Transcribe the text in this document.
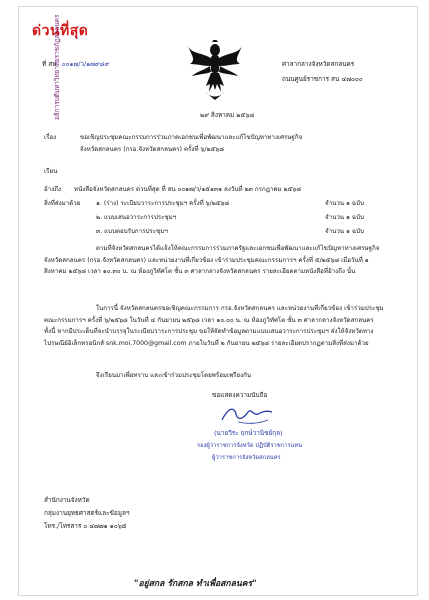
ด่วนที่สุด
อธิการบดีมหาวิทยาลัยราชภัฏสกลนคร
ที่ สน ๐๐๑๗/ว/๑๗๙๘๙	ศาลากลางจังหวัดสกลนคร
ถนนศูนย์ราชการ สน ๔๗๐๐๐
๒๙ สิงหาคม ๒๕๖๘
เรื่อง	ขอเชิญประชุมคณะกรรมการร่วมภาคเอกชนเพื่อพัฒนาและแก้ไขปัญหาทางเศรษฐกิจ
จังหวัดสกลนคร (กรอ.จังหวัดสกลนคร) ครั้งที่ ๖/๒๕๖๘
เรียน
อ้างถึง หนังสือจังหวัดสกลนคร ด่วนที่สุด ที่ สน ๐๐๑๗/ว/๑๕๑๓๑ ลงวันที่ ๒๓ กรกฎาคม ๒๕๖๘
สิ่งที่ส่งมาด้วย	๑. (ร่าง) ระเบียบวาระการประชุมฯ ครั้งที่ ๖/๒๕๖๘	จำนวน ๑ ฉบับ
๒. แบบเสนอวาระการประชุมฯ	จำนวน ๑ ฉบับ
๓. แบบตอบรับการประชุมฯ	จำนวน ๑ ฉบับ
ตามที่จังหวัดสกลนครได้แจ้งให้คณะกรรมการร่วมภาครัฐและเอกชนเพื่อพัฒนาและแก้ไขปัญหาทางเศรษฐกิจจังหวัดสกลนคร (กรอ.จังหวัดสกลนคร) และหน่วยงานที่เกี่ยวข้อง เข้าร่วมประชุมคณะกรรมการฯ ครั้งที่ ๕/๒๕๖๘ เมื่อวันที่ ๑ สิงหาคม ๒๕๖๘ เวลา ๑๐.๓๐ น. ณ ห้องภูวิทัศโต ชั้น ๓ ศาลากลางจังหวัดสกลนคร รายละเอียดตามหนังสือที่อ้างถึง นั้น
ในการนี้ จังหวัดสกลนครขอเชิญคณะกรรมการ กรอ.จังหวัดสกลนคร และหน่วยงานที่เกี่ยวข้อง เข้าร่วมประชุมคณะกรรมการฯ ครั้งที่ ๖/๒๕๖๘ ในวันที่ ๔ กันยายน ๒๕๖๘ เวลา ๑๐.๐๐ น. ณ ห้องภูวิทัศโต ชั้น ๓ ศาลากลางจังหวัดสกลนคร ทั้งนี้ หากมีประเด็นที่จะนำบรรจุในระเบียบวาระการประชุม ขอให้จัดทำข้อมูลตามแบบเสนอวาระการประชุมฯ ส่งให้จังหวัดทางไปรษณีย์อิเล็กทรอนิกส์ snk.moi.7000@gmail.com ภายในวันที่ ๒ กันยายน ๒๕๖๘ รายละเอียดปรากฏตามสิ่งที่ส่งมาด้วย
จึงเรียนมาเพื่อทราบ และเข้าร่วมประชุมโดยพร้อมเพรียงกัน
ขอแสดงความนับถือ
(นายวีระ ฤกษ์วานิชย์กุล)
รองผู้ว่าราชการจังหวัด ปฏิบัติราชการแทน
ผู้ว่าราชการจังหวัดสกลนคร
สำนักงานจังหวัด
กลุ่มงานยุทธศาสตร์และข้อมูลฯ
โทร./โทรสาร ๐ ๔๗๗๑ ๑๐๖๕
"อยู่สกล รักสกล ทำเพื่อสกลนคร"
